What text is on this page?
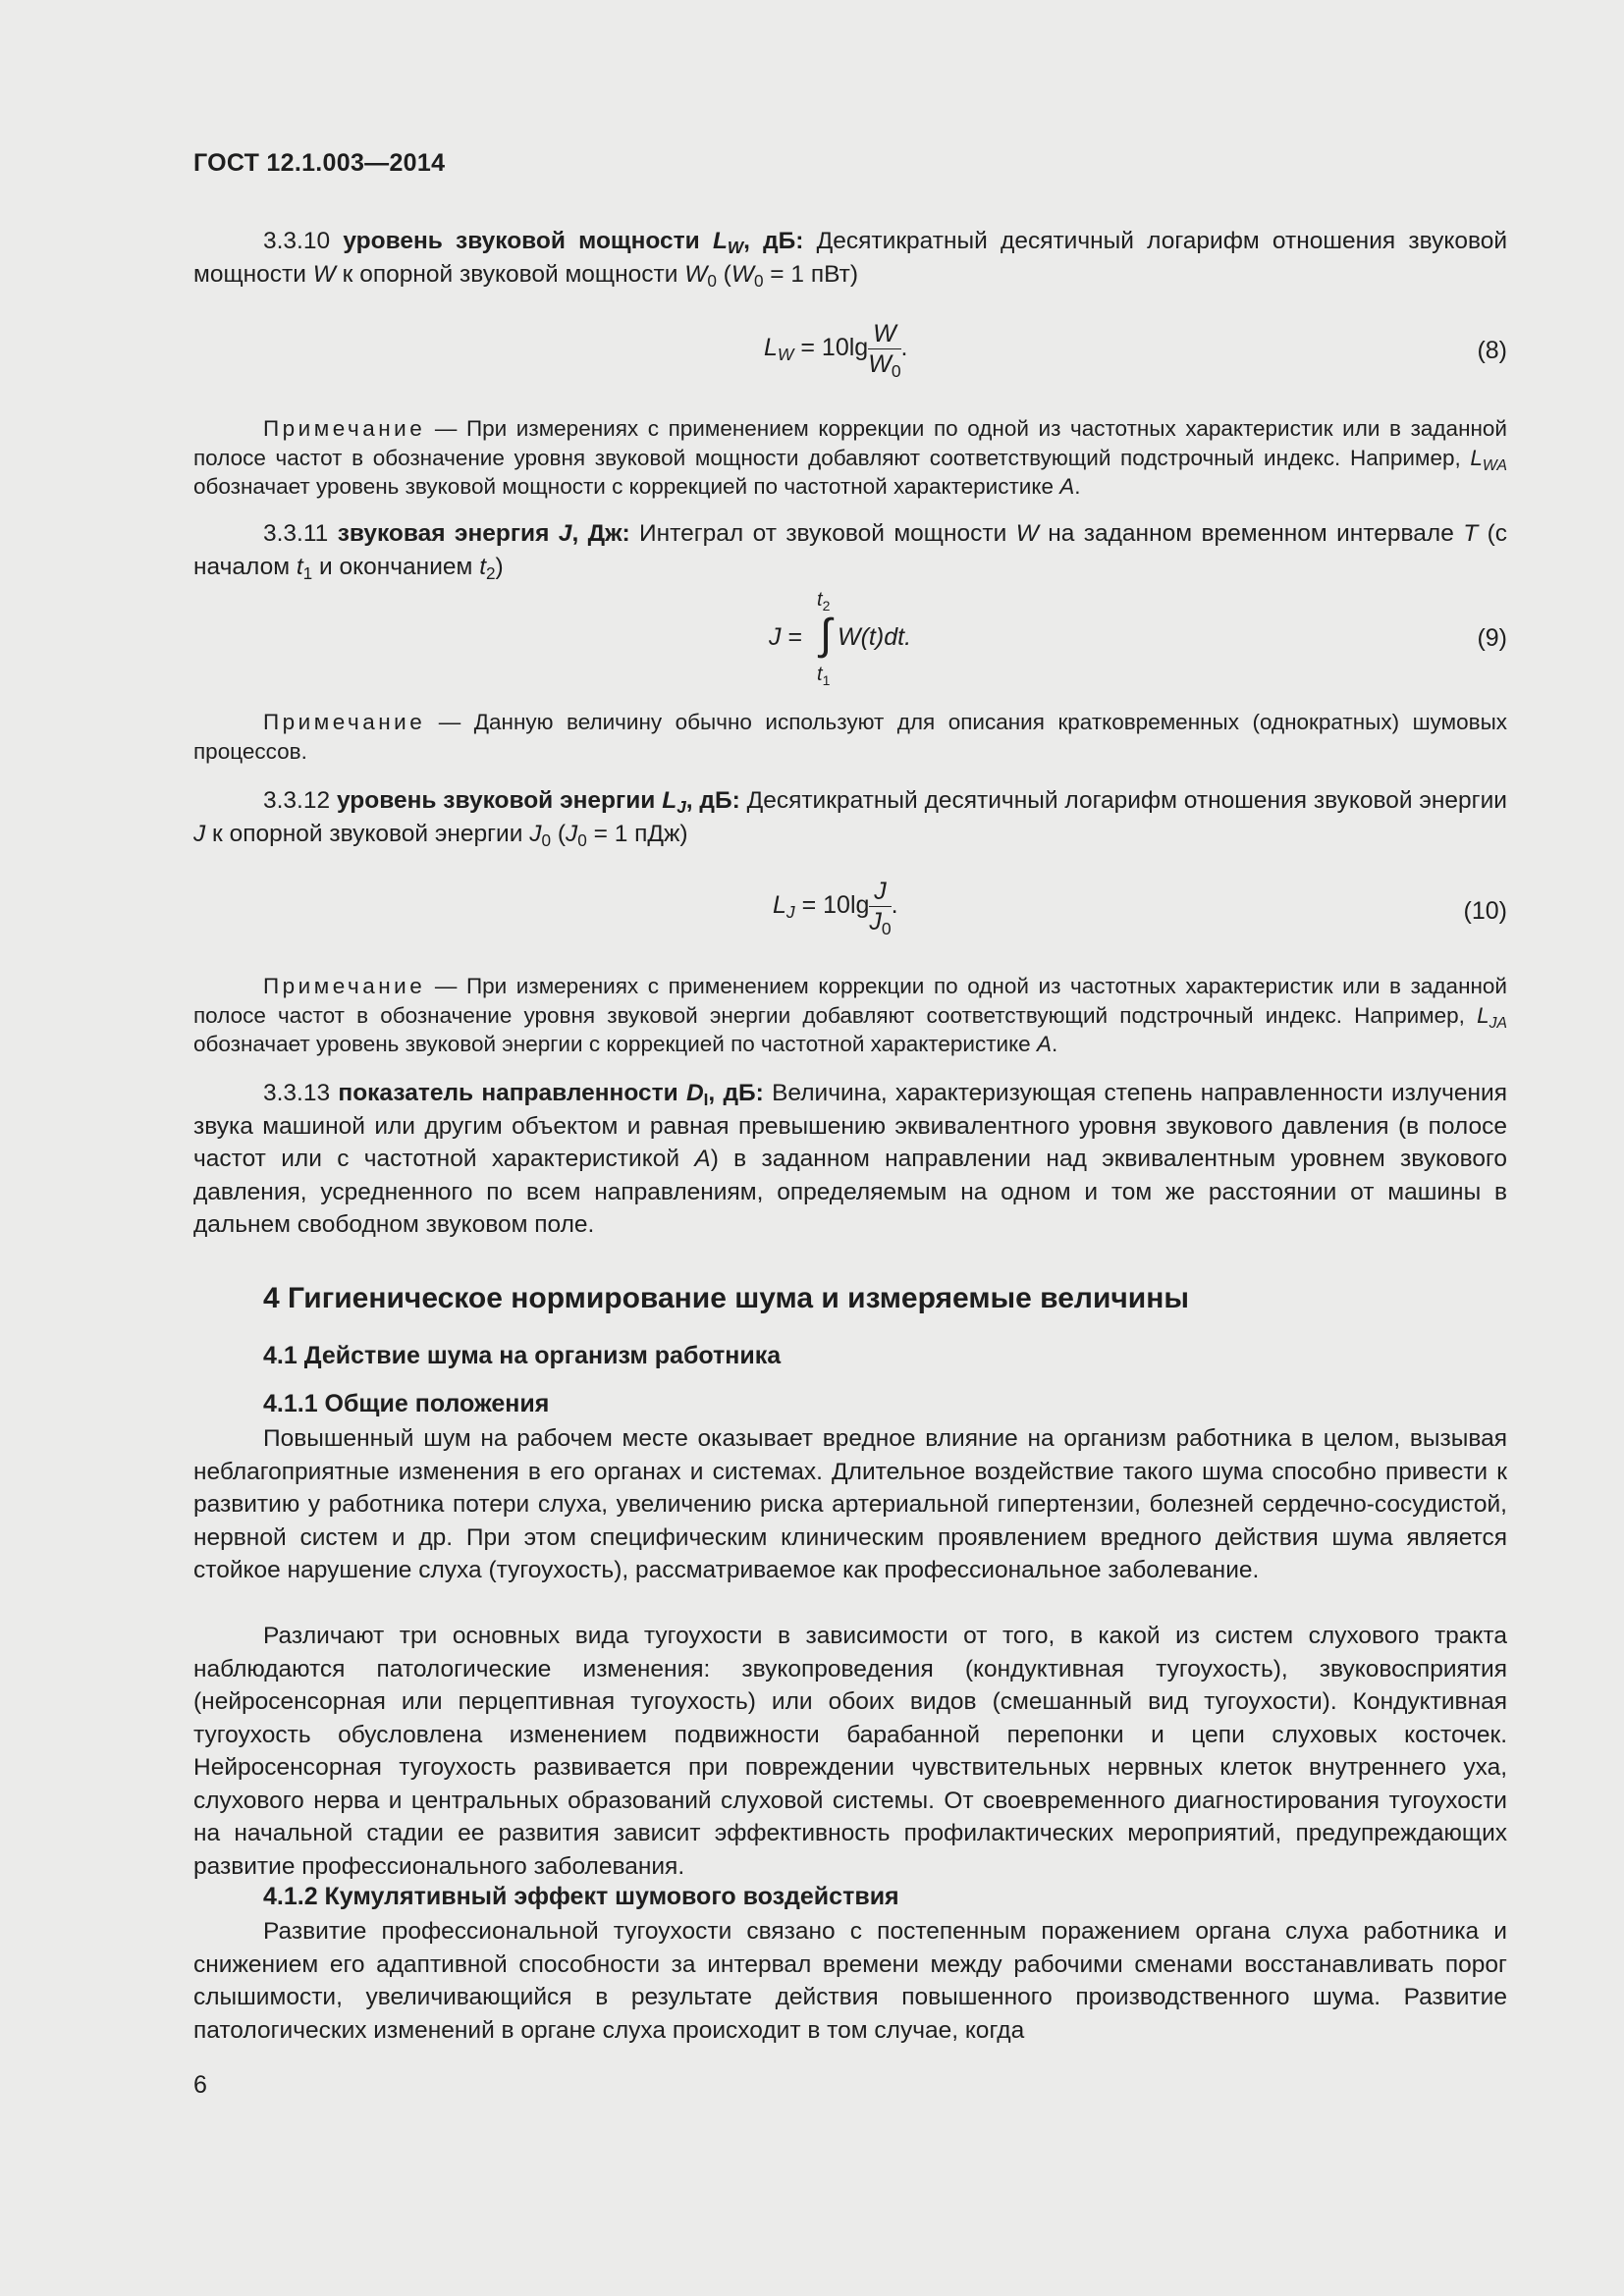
ГОСТ 12.1.003—2014
3.3.10 уровень звуковой мощности $L_W$, дБ: Десятикратный десятичный логарифм отношения звуковой мощности W к опорной звуковой мощности $W_0$ ($W_0 = 1$ пВт)
$L_W = 10\lg \frac{W}{W_0}$ .	(8)
Примечание — При измерениях с применением коррекции по одной из частотных характеристик или в заданной полосе частот в обозначение уровня звуковой мощности добавляют соответствующий подстрочный индекс. Например, $L_{WA}$ обозначает уровень звуковой мощности с коррекцией по частотной характеристике A.
3.3.11 звуковая энергия J, Дж: Интеграл от звуковой мощности W на заданном временном интервале T (с началом $t_1$ и окончанием $t_2$)
J =
$t_2$
∫
$t_1$
W(t)dt.	(9)
Примечание — Данную величину обычно используют для описания кратковременных (однократных) шумовых процессов.
3.3.12 уровень звуковой энергии $L_J$, дБ: Десятикратный десятичный логарифм отношения звуковой энергии J к опорной звуковой энергии $J_0$ ($J_0 = 1$ пДж)
$L_J = 10\lg \frac{J}{J_0}$ .	(10)
Примечание — При измерениях с применением коррекции по одной из частотных характеристик или в заданной полосе частот в обозначение уровня звуковой энергии добавляют соответствующий подстрочный индекс. Например, $L_{JA}$ обозначает уровень звуковой энергии с коррекцией по частотной характеристике A.
3.3.13 показатель направленности $D_I$, дБ: Величина, характеризующая степень направленности излучения звука машиной или другим объектом и равная превышению эквивалентного уровня звукового давления (в полосе частот или с частотной характеристикой A) в заданном направлении над эквивалентным уровнем звукового давления, усредненного по всем направлениям, определяемым на одном и том же расстоянии от машины в дальнем свободном звуковом поле.
4 Гигиеническое нормирование шума и измеряемые величины
4.1 Действие шума на организм работника
4.1.1 Общие положения
Повышенный шум на рабочем месте оказывает вредное влияние на организм работника в целом, вызывая неблагоприятные изменения в его органах и системах. Длительное воздействие такого шума способно привести к развитию у работника потери слуха, увеличению риска артериальной гипертензии, болезней сердечно-сосудистой, нервной систем и др. При этом специфическим клиническим проявлением вредного действия шума является стойкое нарушение слуха (тугоухость), рассматриваемое как профессиональное заболевание.
Различают три основных вида тугоухости в зависимости от того, в какой из систем слухового тракта наблюдаются патологические изменения: звукопроведения (кондуктивная тугоухость), звуковосприятия (нейросенсорная или перцептивная тугоухость) или обоих видов (смешанный вид тугоухости). Кондуктивная тугоухость обусловлена изменением подвижности барабанной перепонки и цепи слуховых косточек. Нейросенсорная тугоухость развивается при повреждении чувствительных нервных клеток внутреннего уха, слухового нерва и центральных образований слуховой системы. От своевременного диагностирования тугоухости на начальной стадии ее развития зависит эффективность профилактических мероприятий, предупреждающих развитие профессионального заболевания.
4.1.2 Кумулятивный эффект шумового воздействия
Развитие профессиональной тугоухости связано с постепенным поражением органа слуха работника и снижением его адаптивной способности за интервал времени между рабочими сменами восстанавливать порог слышимости, увеличивающийся в результате действия повышенного производственного шума. Развитие патологических изменений в органе слуха происходит в том случае, когда
6
